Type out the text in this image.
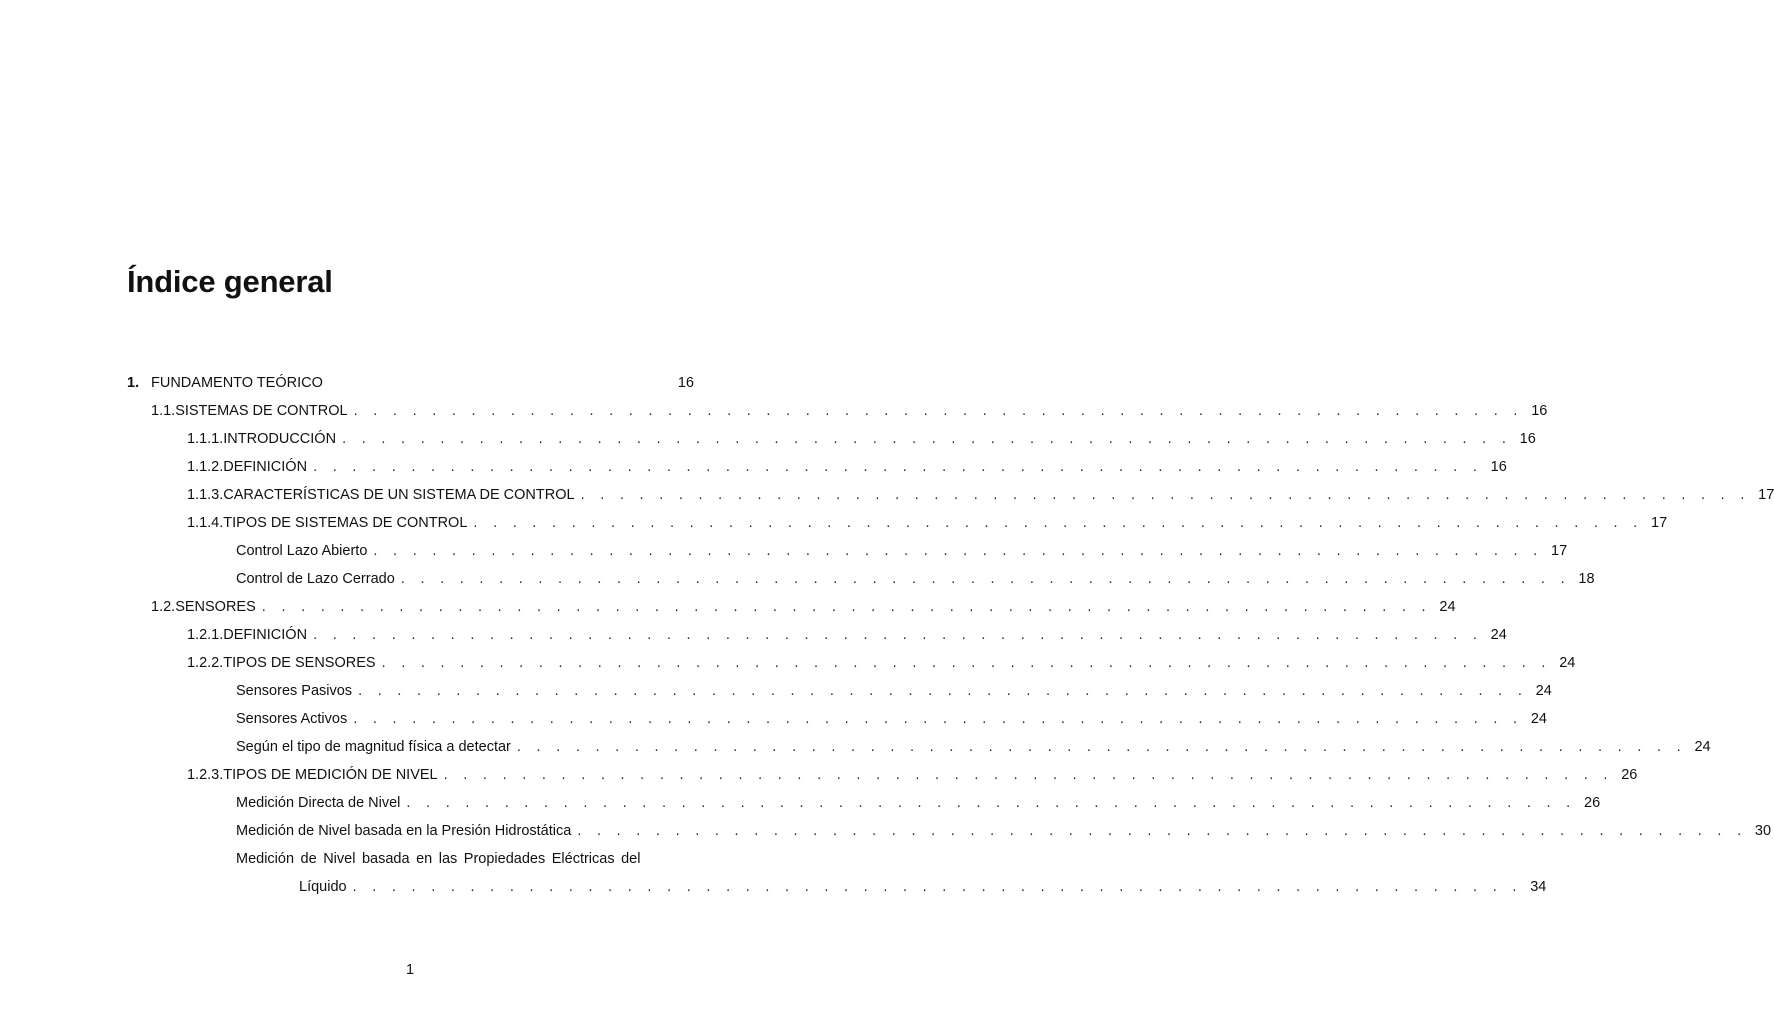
Índice general
1. FUNDAMENTO TEÓRICO	16
1.1. SISTEMAS DE CONTROL . . . . . . . . . . . . . . . . . . . . . . . . . . . . . . . . . . . . . . . . . . . . . . . . . . . . . . . . . . . . 16
1.1.1. INTRODUCCIÓN . . . . . . . . . . . . . . . . . . . . . . . . . . . . . . . . . . . . . . . . . . . . . . . . . . . . . . . . . . . . 16
1.1.2. DEFINICIÓN . . . . . . . . . . . . . . . . . . . . . . . . . . . . . . . . . . . . . . . . . . . . . . . . . . . . . . . . . . . . 16
1.1.3. CARACTERÍSTICAS DE UN SISTEMA DE CONTROL . . . . . . . . . . . . . . . . . . . . . . . . . . . . . . . . . . . . . . . . . . . . . . . . . . . . . . . . . . . . 17
1.1.4. TIPOS DE SISTEMAS DE CONTROL . . . . . . . . . . . . . . . . . . . . . . . . . . . . . . . . . . . . . . . . . . . . . . . . . . . . . . . . . . . . 17
Control Lazo Abierto . . . . . . . . . . . . . . . . . . . . . . . . . . . . . . . . . . . . . . . . . . . . . . . . . . . . . . . . . . . . 17
Control de Lazo Cerrado . . . . . . . . . . . . . . . . . . . . . . . . . . . . . . . . . . . . . . . . . . . . . . . . . . . . . . . . . . . . 18
1.2. SENSORES . . . . . . . . . . . . . . . . . . . . . . . . . . . . . . . . . . . . . . . . . . . . . . . . . . . . . . . . . . . . 24
1.2.1. DEFINICIÓN . . . . . . . . . . . . . . . . . . . . . . . . . . . . . . . . . . . . . . . . . . . . . . . . . . . . . . . . . . . . 24
1.2.2. TIPOS DE SENSORES . . . . . . . . . . . . . . . . . . . . . . . . . . . . . . . . . . . . . . . . . . . . . . . . . . . . . . . . . . . . 24
Sensores Pasivos . . . . . . . . . . . . . . . . . . . . . . . . . . . . . . . . . . . . . . . . . . . . . . . . . . . . . . . . . . . . 24
Sensores Activos . . . . . . . . . . . . . . . . . . . . . . . . . . . . . . . . . . . . . . . . . . . . . . . . . . . . . . . . . . . . 24
Según el tipo de magnitud física a detectar . . . . . . . . . . . . . . . . . . . . . . . . . . . . . . . . . . . . . . . . . . . . . . . . . . . . . . . . . . . . 24
1.2.3. TIPOS DE MEDICIÓN DE NIVEL . . . . . . . . . . . . . . . . . . . . . . . . . . . . . . . . . . . . . . . . . . . . . . . . . . . . . . . . . . . . 26
Medición Directa de Nivel . . . . . . . . . . . . . . . . . . . . . . . . . . . . . . . . . . . . . . . . . . . . . . . . . . . . . . . . . . . . 26
Medición de Nivel basada en la Presión Hidrostática . . . . . . . . . . . . . . . . . . . . . . . . . . . . . . . . . . . . . . . . . . . . . . . . . . . . . . . . . . . . 30
Medición de Nivel basada en las Propiedades Eléctricas del
Líquido . . . . . . . . . . . . . . . . . . . . . . . . . . . . . . . . . . . . . . . . . . . . . . . . . . . . . . . . . . . . 34
1
